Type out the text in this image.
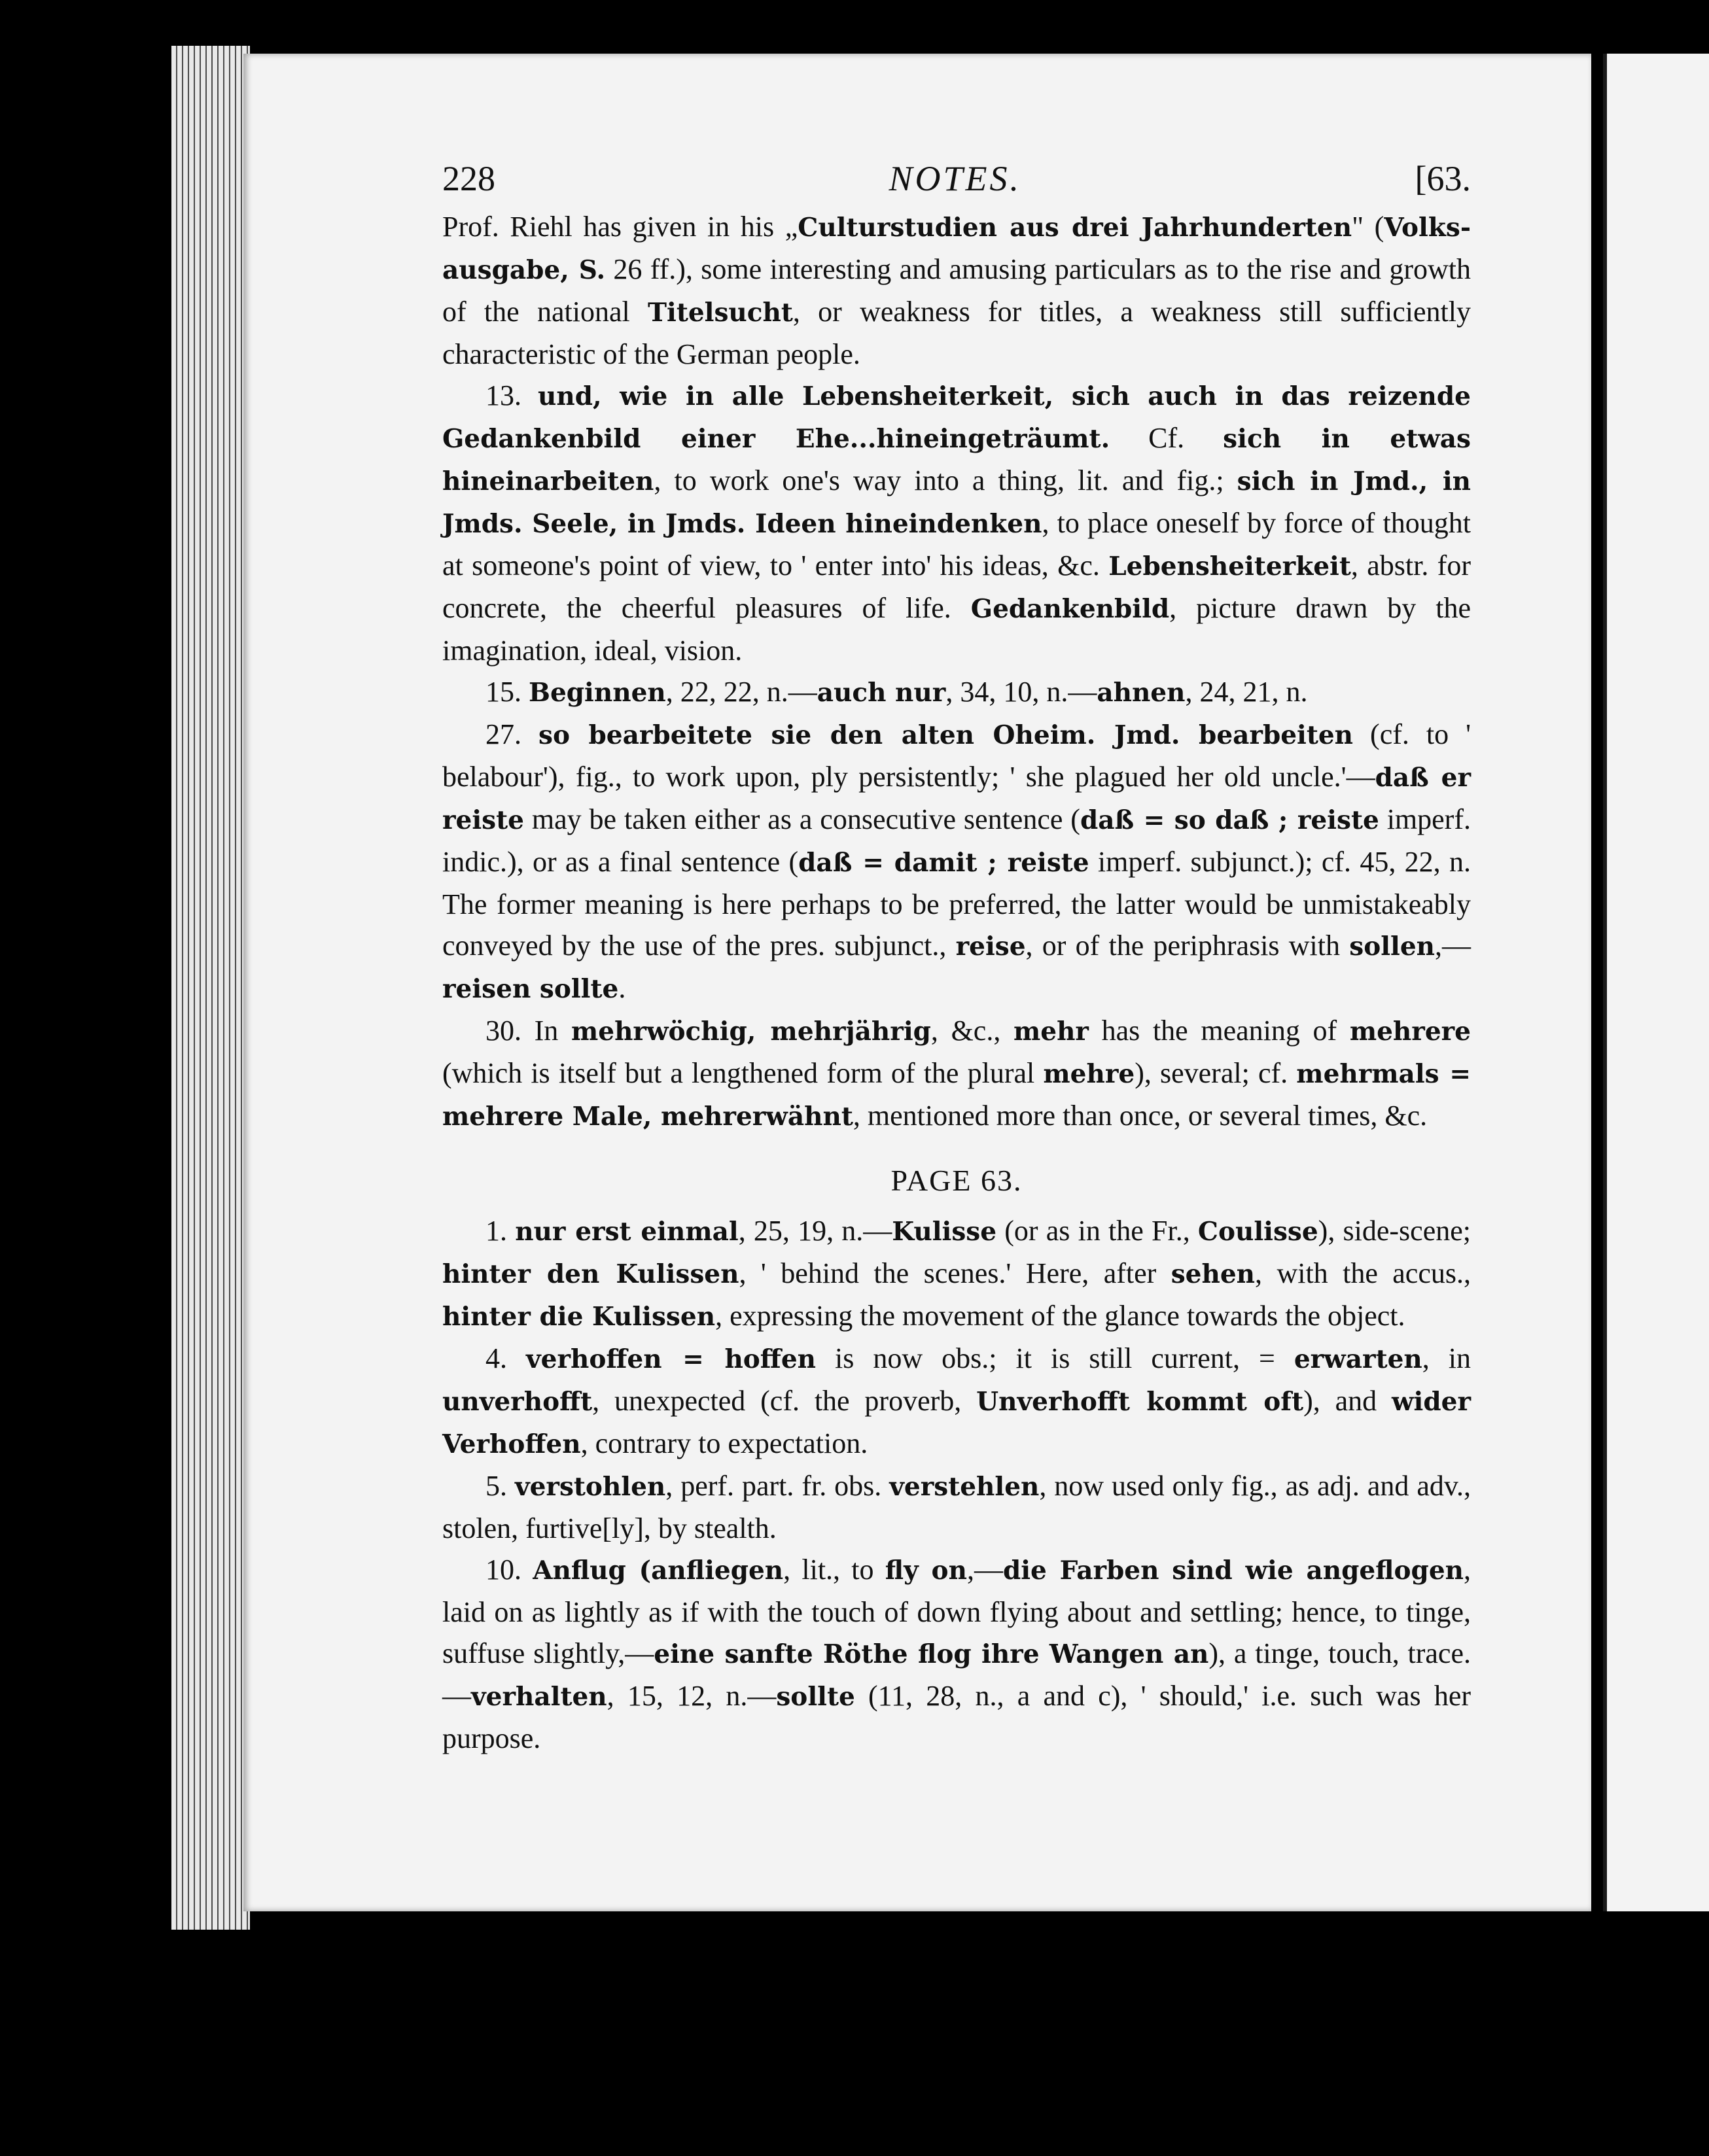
228	NOTES.	[63.

Prof. Riehl has given in his „Culturstudien aus drei Jahrhunderten" (Volks-ausgabe, S. 26 ff.), some interesting and amusing particulars as to the rise and growth of the national Titelsucht, or weakness for titles, a weakness still sufficiently characteristic of the German people.

13. und, wie in alle Lebensheiterkeit, sich auch in das reizende Gedankenbild einer Ehe...hineingeträumt. Cf. sich in etwas hineinarbeiten, to work one's way into a thing, lit. and fig.; sich in Jmd., in Jmds. Seele, in Jmds. Ideen hineindenken, to place oneself by force of thought at someone's point of view, to ' enter into' his ideas, &c. Lebensheiterkeit, abstr. for concrete, the cheerful pleasures of life. Gedankenbild, picture drawn by the imagination, ideal, vision.

15. Beginnen, 22, 22, n.—auch nur, 34, 10, n.—ahnen, 24, 21, n.

27. so bearbeitete sie den alten Oheim. Jmd. bearbeiten (cf. to ' belabour'), fig., to work upon, ply persistently; ' she plagued her old uncle.'—daß er reiste may be taken either as a consecutive sentence (daß = so daß ; reiste imperf. indic.), or as a final sentence (daß = damit ; reiste imperf. subjunct.); cf. 45, 22, n. The former meaning is here perhaps to be preferred, the latter would be unmistakeably conveyed by the use of the pres. subjunct., reise, or of the periphrasis with sollen,—reisen sollte.

30. In mehrwöchig, mehrjährig, &c., mehr has the meaning of mehrere (which is itself but a lengthened form of the plural mehre), several; cf. mehrmals = mehrere Male, mehrerwähnt, mentioned more than once, or several times, &c.

PAGE 63.

1. nur erst einmal, 25, 19, n.—Kulisse (or as in the Fr., Coulisse), side-scene; hinter den Kulissen, ' behind the scenes.' Here, after sehen, with the accus., hinter die Kulissen, expressing the movement of the glance towards the object.

4. verhoffen = hoffen is now obs.; it is still current, = erwarten, in unverhofft, unexpected (cf. the proverb, Unverhofft kommt oft), and wider Verhoffen, contrary to expectation.

5. verstohlen, perf. part. fr. obs. verstehlen, now used only fig., as adj. and adv., stolen, furtive[ly], by stealth.

10. Anflug (anfliegen, lit., to fly on,—die Farben sind wie angeflogen, laid on as lightly as if with the touch of down flying about and settling; hence, to tinge, suffuse slightly,—eine sanfte Röthe flog ihre Wangen an), a tinge, touch, trace.—verhalten, 15, 12, n.—sollte (11, 28, n., a and c), ' should,' i.e. such was her purpose.
